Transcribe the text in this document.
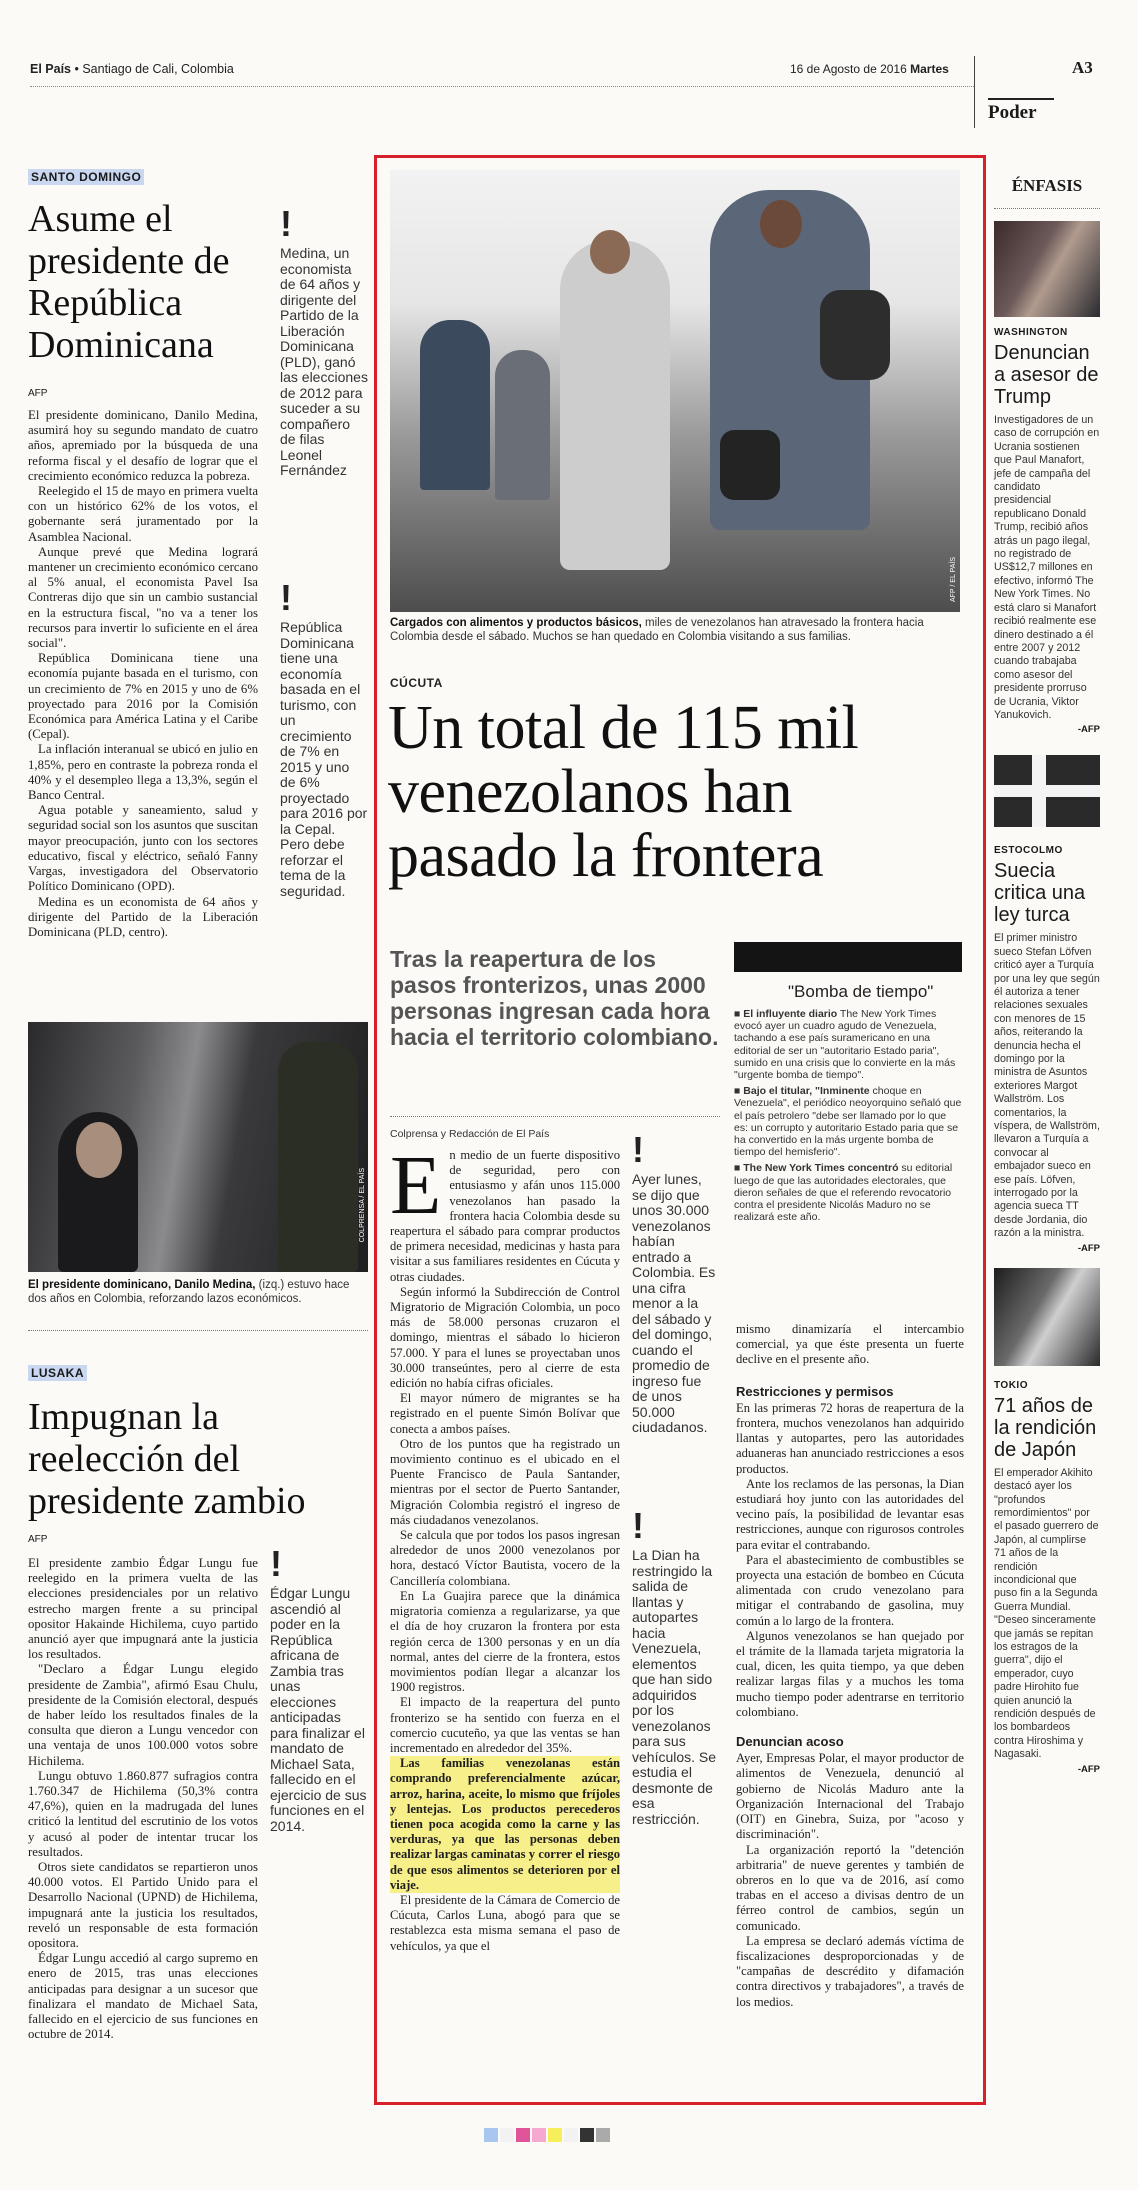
El País • Santiago de Cali, Colombia	16 de Agosto de 2016 Martes	A3
Poder
SANTO DOMINGO
Asume el presidente de República Dominicana
AFP

El presidente dominicano, Danilo Medina, asumirá hoy su segundo mandato de cuatro años, apremiado por la búsqueda de una reforma fiscal y el desafío de lograr que el crecimiento económico reduzca la pobreza.

Reelegido el 15 de mayo en primera vuelta con un histórico 62% de los votos, el gobernante será juramentado por la Asamblea Nacional.

Aunque prevé que Medina logrará mantener un crecimiento económico cercano al 5% anual, el economista Pavel Isa Contreras dijo que sin un cambio sustancial en la estructura fiscal, "no va a tener los recursos para invertir lo suficiente en el área social".

República Dominicana tiene una economía pujante basada en el turismo, con un crecimiento de 7% en 2015 y uno de 6% proyectado para 2016 por la Comisión Económica para América Latina y el Caribe (Cepal).

La inflación interanual se ubicó en julio en 1,85%, pero en contraste la pobreza ronda el 40% y el desempleo llega a 13,3%, según el Banco Central.

Agua potable y saneamiento, salud y seguridad social son los asuntos que suscitan mayor preocupación, junto con los sectores educativo, fiscal y eléctrico, señaló Fanny Vargas, investigadora del Observatorio Político Dominicano (OPD).

Medina es un economista de 64 años y dirigente del Partido de la Liberación Dominicana (PLD, centro).

!
Medina, un economista de 64 años y dirigente del Partido de la Liberación Dominicana (PLD), ganó las elecciones de 2012 para suceder a su compañero de filas Leonel Fernández
!
República Dominicana tiene una economía basada en el turismo, con un crecimiento de 7% en 2015 y uno de 6% proyectado para 2016 por la Cepal. Pero debe reforzar el tema de la seguridad.
COLPRENSA / EL PAÍS
El presidente dominicano, Danilo Medina, (izq.) estuvo hace dos años en Colombia, reforzando lazos económicos.
LUSAKA
Impugnan la reelección del presidente zambio
AFP

El presidente zambio Édgar Lungu fue reelegido en la primera vuelta de las elecciones presidenciales por un relativo estrecho margen frente a su principal opositor Hakainde Hichilema, cuyo partido anunció ayer que impugnará ante la justicia los resultados.

"Declaro a Édgar Lungu elegido presidente de Zambia", afirmó Esau Chulu, presidente de la Comisión electoral, después de haber leído los resultados finales de la consulta que dieron a Lungu vencedor con una ventaja de unos 100.000 votos sobre Hichilema.

Lungu obtuvo 1.860.877 sufragios contra 1.760.347 de Hichilema (50,3% contra 47,6%), quien en la madrugada del lunes criticó la lentitud del escrutinio de los votos y acusó al poder de intentar trucar los resultados.

Otros siete candidatos se repartieron unos 40.000 votos. El Partido Unido para el Desarrollo Nacional (UPND) de Hichilema, impugnará ante la justicia los resultados, reveló un responsable de esta formación opositora.

Édgar Lungu accedió al cargo supremo en enero de 2015, tras unas elecciones anticipadas para designar a un sucesor que finalizara el mandato de Michael Sata, fallecido en el ejercicio de sus funciones en octubre de 2014.

!
Édgar Lungu ascendió al poder en la República africana de Zambia tras unas elecciones anticipadas para finalizar el mandato de Michael Sata, fallecido en el ejercicio de sus funciones en el 2014.
AFP / EL PAÍS
Cargados con alimentos y productos básicos, miles de venezolanos han atravesado la frontera hacia Colombia desde el sábado. Muchos se han quedado en Colombia visitando a sus familias.
CÚCUTA
Un total de 115 mil venezolanos han pasado la frontera
Tras la reapertura de los pasos fronterizos, unas 2000 personas ingresan cada hora hacia el territorio colombiano.
"Bomba de tiempo"
■ El influyente diario The New York Times evocó ayer un cuadro agudo de Venezuela, tachando a ese país suramericano en una editorial de ser un "autoritario Estado paria", sumido en una crisis que lo convierte en la más "urgente bomba de tiempo".
■ Bajo el titular, "Inminente choque en Venezuela", el periódico neoyorquino señaló que el país petrolero "debe ser llamado por lo que es: un corrupto y autoritario Estado paria que se ha convertido en la más urgente bomba de tiempo del hemisferio".
■ The New York Times concentró su editorial luego de que las autoridades electorales, que dieron señales de que el referendo revocatorio contra el presidente Nicolás Maduro no se realizará este año.
Colprensa y Redacción de El País
E n medio de un fuerte dispositivo de seguridad, pero con entusiasmo y afán unos 115.000 venezolanos han pasado la frontera hacia Colombia desde su reapertura el sábado para comprar productos de primera necesidad, medicinas y hasta para visitar a sus familiares residentes en Cúcuta y otras ciudades.

Según informó la Subdirección de Control Migratorio de Migración Colombia, un poco más de 58.000 personas cruzaron el domingo, mientras el sábado lo hicieron 57.000. Y para el lunes se proyectaban unos 30.000 transeúntes, pero al cierre de esta edición no había cifras oficiales.

El mayor número de migrantes se ha registrado en el puente Simón Bolívar que conecta a ambos países.

Otro de los puntos que ha registrado un movimiento continuo es el ubicado en el Puente Francisco de Paula Santander, mientras por el sector de Puerto Santander, Migración Colombia registró el ingreso de más ciudadanos venezolanos.

Se calcula que por todos los pasos ingresan alrededor de unos 2000 venezolanos por hora, destacó Víctor Bautista, vocero de la Cancillería colombiana.

En La Guajira parece que la dinámica migratoria comienza a regularizarse, ya que el día de hoy cruzaron la frontera por esta región cerca de 1300 personas y en un día normal, antes del cierre de la frontera, estos movimientos podían llegar a alcanzar los 1900 registros.

El impacto de la reapertura del punto fronterizo se ha sentido con fuerza en el comercio cucuteño, ya que las ventas se han incrementado en alrededor del 35%.

Las familias venezolanas están comprando preferencialmente azúcar, arroz, harina, aceite, lo mismo que fríjoles y lentejas. Los productos perecederos tienen poca acogida como la carne y las verduras, ya que las personas deben realizar largas caminatas y correr el riesgo de que esos alimentos se deterioren por el viaje.

El presidente de la Cámara de Comercio de Cúcuta, Carlos Luna, abogó para que se restablezca esta misma semana el paso de vehículos, ya que el

!
Ayer lunes, se dijo que unos 30.000 venezolanos habían entrado a Colombia. Es una cifra menor a la del sábado y del domingo, cuando el promedio de ingreso fue de unos 50.000 ciudadanos.
!
La Dian ha restringido la salida de llantas y autopartes hacia Venezuela, elementos que han sido adquiridos por los venezolanos para sus vehículos. Se estudia el desmonte de esa restricción.

mismo dinamizaría el intercambio comercial, ya que éste presenta un fuerte declive en el presente año.

Restricciones y permisos

En las primeras 72 horas de reapertura de la frontera, muchos venezolanos han adquirido llantas y autopartes, pero las autoridades aduaneras han anunciado restricciones a esos productos.

Ante los reclamos de las personas, la Dian estudiará hoy junto con las autoridades del vecino país, la posibilidad de levantar esas restricciones, aunque con rigurosos controles para evitar el contrabando.

Para el abastecimiento de combustibles se proyecta una estación de bombeo en Cúcuta alimentada con crudo venezolano para mitigar el contrabando de gasolina, muy común a lo largo de la frontera.

Algunos venezolanos se han quejado por el trámite de la llamada tarjeta migratoria la cual, dicen, les quita tiempo, ya que deben realizar largas filas y a muchos les toma mucho tiempo poder adentrarse en territorio colombiano.

Denuncian acoso

Ayer, Empresas Polar, el mayor productor de alimentos de Venezuela, denunció al gobierno de Nicolás Maduro ante la Organización Internacional del Trabajo (OIT) en Ginebra, Suiza, por "acoso y discriminación".

La organización reportó la "detención arbitraria" de nueve gerentes y también de obreros en lo que va de 2016, así como trabas en el acceso a divisas dentro de un férreo control de cambios, según un comunicado.

La empresa se declaró además víctima de fiscalizaciones desproporcionadas y de "campañas de descrédito y difamación contra directivos y trabajadores", a través de los medios.

ÉNFASIS
WASHINGTON
Denuncian a asesor de Trump
Investigadores de un caso de corrupción en Ucrania sostienen que Paul Manafort, jefe de campaña del candidato presidencial republicano Donald Trump, recibió años atrás un pago ilegal, no registrado de US$12,7 millones en efectivo, informó The New York Times. No está claro si Manafort recibió realmente ese dinero destinado a él entre 2007 y 2012 cuando trabajaba como asesor del presidente prorruso de Ucrania, Viktor Yanukovich.
-AFP
ESTOCOLMO
Suecia critica una ley turca
El primer ministro sueco Stefan Löfven criticó ayer a Turquía por una ley que según él autoriza a tener relaciones sexuales con menores de 15 años, reiterando la denuncia hecha el domingo por la ministra de Asuntos exteriores Margot Wallström. Los comentarios, la víspera, de Wallström, llevaron a Turquía a convocar al embajador sueco en ese país. Löfven, interrogado por la agencia sueca TT desde Jordania, dio razón a la ministra.
-AFP
TOKIO
71 años de la rendición de Japón
El emperador Akihito destacó ayer los "profundos remordimientos" por el pasado guerrero de Japón, al cumplirse 71 años de la rendición incondicional que puso fin a la Segunda Guerra Mundial. "Deseo sinceramente que jamás se repitan los estragos de la guerra", dijo el emperador, cuyo padre Hirohito fue quien anunció la rendición después de los bombardeos contra Hiroshima y Nagasaki.
-AFP
